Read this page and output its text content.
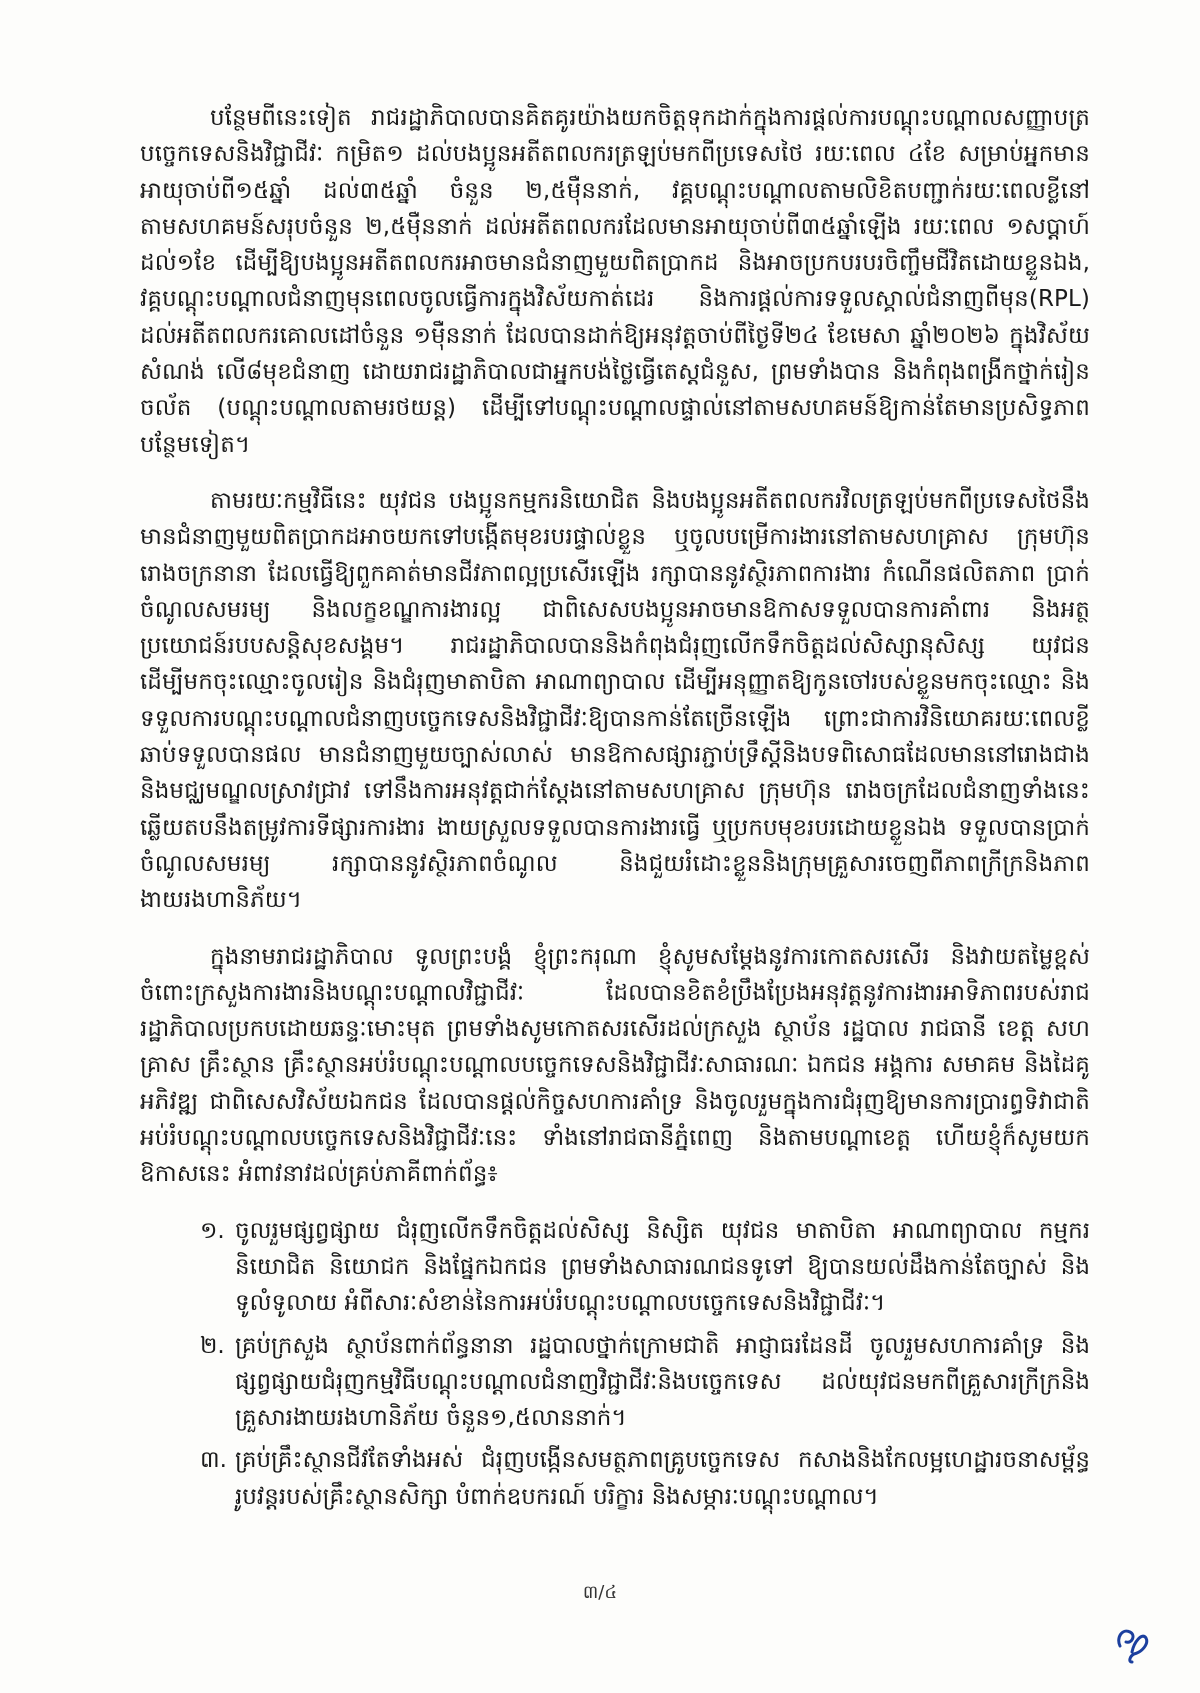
បន្ថែមពីនេះទៀត រាជរដ្ឋាភិបាលបានគិតគូរយ៉ាងយកចិត្តទុកដាក់ក្នុងការផ្តល់ការបណ្តុះបណ្តាលសញ្ញាបត្របច្ចេកទេសនិងវិជ្ជាជីវៈ កម្រិត១ ដល់បងប្អូនអតីតពលករត្រឡប់មកពីប្រទេសថៃ រយៈពេល ៤ខែ សម្រាប់អ្នកមានអាយុចាប់ពី១៥ឆ្នាំ ដល់៣៥ឆ្នាំ ចំនួន ២,៥ម៉ឺននាក់, វគ្គបណ្តុះបណ្តាលតាមលិខិតបញ្ជាក់រយៈពេលខ្លីនៅតាមសហគមន៍សរុបចំនួន ២,៥ម៉ឺននាក់ ដល់អតីតពលករដែលមានអាយុចាប់ពី៣៥ឆ្នាំឡើង រយៈពេល ១សប្តាហ៍ ដល់១ខែ ដើម្បីឱ្យបងប្អូនអតីតពលករអាចមានជំនាញមួយពិតប្រាកដ និងអាចប្រកបរបរចិញ្ចឹមជីវិតដោយខ្លួនឯង, វគ្គបណ្តុះបណ្តាលជំនាញមុនពេលចូលធ្វើការក្នុងវិស័យកាត់ដេរ និងការផ្តល់ការទទួលស្គាល់ជំនាញពីមុន(RPL) ដល់អតីតពលករគោលដៅចំនួន ១ម៉ឺននាក់ ដែលបានដាក់ឱ្យអនុវត្តចាប់ពីថ្ងៃទី២៤ ខែមេសា ឆ្នាំ២០២៦ ក្នុងវិស័យសំណង់ លើ៨មុខជំនាញ ដោយរាជរដ្ឋាភិបាលជាអ្នកបង់ថ្លៃធ្វើតេស្តជំនួស, ព្រមទាំងបាន និងកំពុងពង្រីកថ្នាក់រៀនចល័ត (បណ្តុះបណ្តាលតាមរថយន្ត) ដើម្បីទៅបណ្តុះបណ្តាលផ្ទាល់នៅតាមសហគមន៍ឱ្យកាន់តែមានប្រសិទ្ធភាពបន្ថែមទៀត។

តាមរយៈកម្មវិធីនេះ យុវជន បងប្អូនកម្មករនិយោជិត និងបងប្អូនអតីតពលករវិលត្រឡប់មកពីប្រទេសថៃនឹងមានជំនាញមួយពិតប្រាកដអាចយកទៅបង្កើតមុខរបរផ្ទាល់ខ្លួន ឬចូលបម្រើការងារនៅតាមសហគ្រាស ក្រុមហ៊ុន រោងចក្រនានា ដែលធ្វើឱ្យពួកគាត់មានជីវភាពល្អប្រសើរឡើង រក្សាបាននូវស្ថិរភាពការងារ កំណើនផលិតភាព ប្រាក់ចំណូលសមរម្យ និងលក្ខខណ្ឌការងារល្អ ជាពិសេសបងប្អូនអាចមានឱកាសទទួលបានការគាំពារ និងអត្ថប្រយោជន៍របបសន្តិសុខសង្គម។ រាជរដ្ឋាភិបាលបាននិងកំពុងជំរុញលើកទឹកចិត្តដល់សិស្សានុសិស្ស យុវជន ដើម្បីមកចុះឈ្មោះចូលរៀន និងជំរុញមាតាបិតា អាណាព្យាបាល ដើម្បីអនុញ្ញាតឱ្យកូនចៅរបស់ខ្លួនមកចុះឈ្មោះ និងទទួលការបណ្តុះបណ្តាលជំនាញបច្ចេកទេសនិងវិជ្ជាជីវៈឱ្យបានកាន់តែច្រើនឡើង ព្រោះជាការវិនិយោគរយៈពេលខ្លី ឆាប់ទទួលបានផល មានជំនាញមួយច្បាស់លាស់ មានឱកាសផ្សារភ្ជាប់ទ្រឹស្តីនិងបទពិសោធដែលមាននៅរោងជាងនិងមជ្ឈមណ្ឌលស្រាវជ្រាវ ទៅនឹងការអនុវត្តជាក់ស្តែងនៅតាមសហគ្រាស ក្រុមហ៊ុន រោងចក្រដែលជំនាញទាំងនេះឆ្លើយតបនឹងតម្រូវការទីផ្សារការងារ ងាយស្រួលទទួលបានការងារធ្វើ ឬប្រកបមុខរបរដោយខ្លួនឯង ទទួលបានប្រាក់ចំណូលសមរម្យ រក្សាបាននូវស្ថិរភាពចំណូល និងជួយរំដោះខ្លួននិងក្រុមគ្រួសារចេញពីភាពក្រីក្រនិងភាពងាយរងហានិភ័យ។

ក្នុងនាមរាជរដ្ឋាភិបាល ទូលព្រះបង្គំ ខ្ញុំព្រះករុណា ខ្ញុំសូមសម្តែងនូវការកោតសរសើរ និងវាយតម្លៃខ្ពស់ចំពោះក្រសួងការងារនិងបណ្តុះបណ្តាលវិជ្ជាជីវៈ ដែលបានខិតខំប្រឹងប្រែងអនុវត្តនូវការងារអាទិភាពរបស់រាជរដ្ឋាភិបាលប្រកបដោយឆន្ទៈមោះមុត ព្រមទាំងសូមកោតសរសើរដល់ក្រសួង ស្ថាប័ន រដ្ឋបាល រាជធានី ខេត្ត សហគ្រាស គ្រឹះស្ថាន គ្រឹះស្ថានអប់រំបណ្តុះបណ្តាលបច្ចេកទេសនិងវិជ្ជាជីវៈសាធារណៈ ឯកជន អង្គការ សមាគម និងដៃគូអភិវឌ្ឍ ជាពិសេសវិស័យឯកជន ដែលបានផ្តល់កិច្ចសហការគាំទ្រ និងចូលរួមក្នុងការជំរុញឱ្យមានការប្រារព្ធទិវាជាតិអប់រំបណ្តុះបណ្តាលបច្ចេកទេសនិងវិជ្ជាជីវៈនេះ ទាំងនៅរាជធានីភ្នំពេញ និងតាមបណ្តាខេត្ត ហើយខ្ញុំក៏សូមយកឱកាសនេះ អំពាវនាវដល់គ្រប់ភាគីពាក់ព័ន្ធ៖

១. ចូលរួមផ្សព្វផ្សាយ ជំរុញលើកទឹកចិត្តដល់សិស្ស និស្សិត យុវជន មាតាបិតា អាណាព្យាបាល កម្មករនិយោជិត និយោជក និងផ្នែកឯកជន ព្រមទាំងសាធារណជនទូទៅ ឱ្យបានយល់ដឹងកាន់តែច្បាស់ និងទូលំទូលាយ អំពីសារៈសំខាន់នៃការអប់រំបណ្តុះបណ្តាលបច្ចេកទេសនិងវិជ្ជាជីវៈ។
២. គ្រប់ក្រសួង ស្ថាប័នពាក់ព័ន្ធនានា រដ្ឋបាលថ្នាក់ក្រោមជាតិ អាជ្ញាធរដែនដី ចូលរួមសហការគាំទ្រ និងផ្សព្វផ្សាយជំរុញកម្មវិធីបណ្តុះបណ្តាលជំនាញវិជ្ជាជីវៈនិងបច្ចេកទេស ដល់យុវជនមកពីគ្រួសារក្រីក្រនិងគ្រួសារងាយរងហានិភ័យ ចំនួន១,៥លាននាក់។
៣. គ្រប់គ្រឹះស្ថានជីវតែទាំងអស់ ជំរុញបង្កើនសមត្ថភាពគ្រូបច្ចេកទេស កសាងនិងកែលម្អហេដ្ឋារចនាសម្ព័ន្ធរូបវន្តរបស់គ្រឹះស្ថានសិក្សា បំពាក់ឧបករណ៍ បរិក្ខារ និងសម្ភារៈបណ្តុះបណ្តាល។
៣/៤
